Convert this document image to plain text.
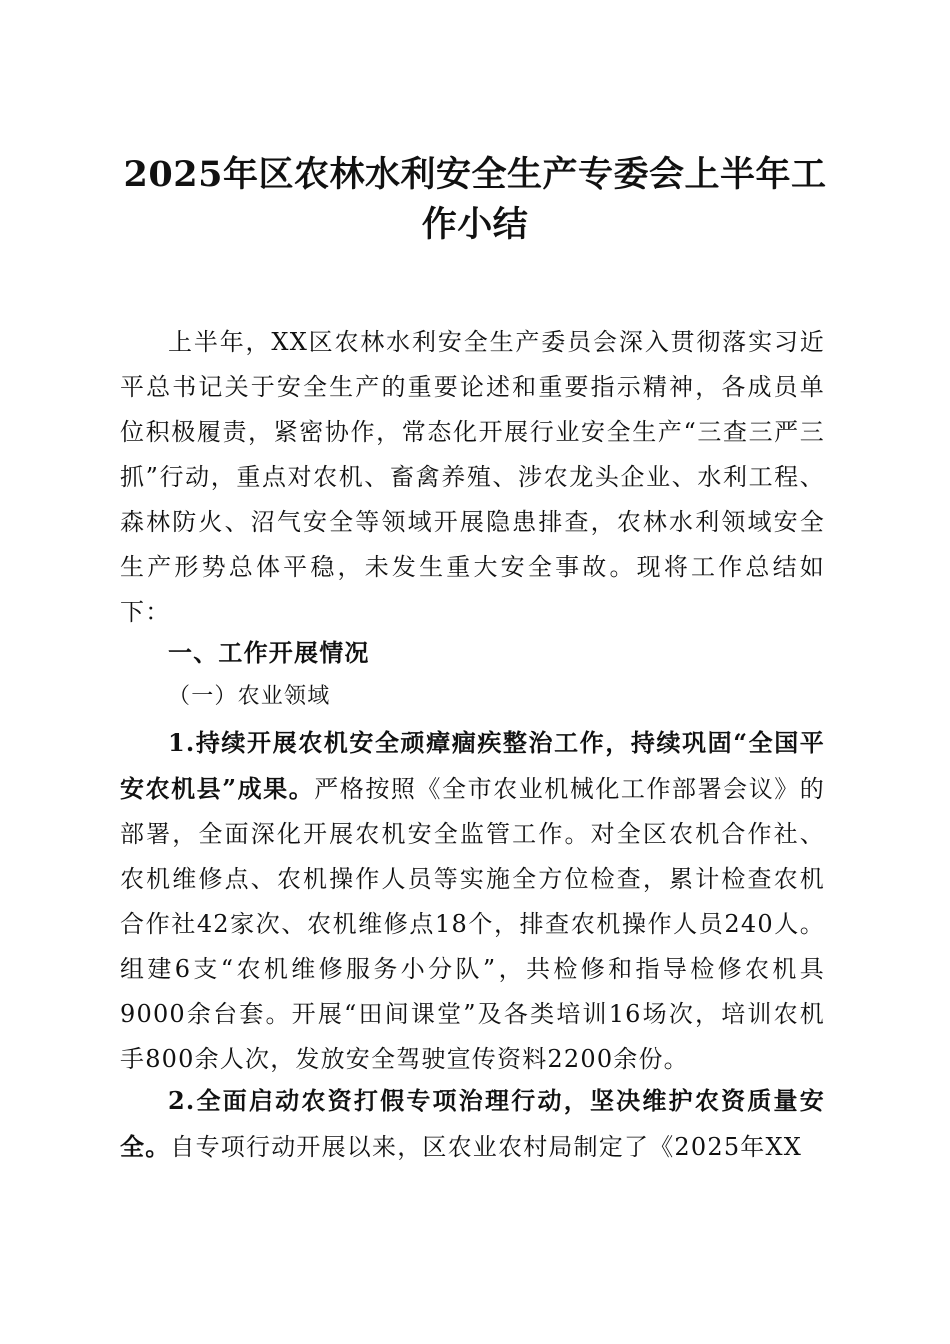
2025年区农林水利安全生产专委会上半年工作小结

上半年，XX区农林水利安全生产委员会深入贯彻落实习近平总书记关于安全生产的重要论述和重要指示精神，各成员单位积极履责，紧密协作，常态化开展行业安全生产“三查三严三抓”行动，重点对农机、畜禽养殖、涉农龙头企业、水利工程、森林防火、沼气安全等领域开展隐患排查，农林水利领域安全生产形势总体平稳，未发生重大安全事故。现将工作总结如下：

一、工作开展情况

（一）农业领域

1.持续开展农机安全顽瘴痼疾整治工作，持续巩固“全国平安农机县”成果。严格按照《全市农业机械化工作部署会议》的部署，全面深化开展农机安全监管工作。对全区农机合作社、农机维修点、农机操作人员等实施全方位检查，累计检查农机合作社42家次、农机维修点18个，排查农机操作人员240人。组建6支“农机维修服务小分队”，共检修和指导检修农机具9000余台套。开展“田间课堂”及各类培训16场次，培训农机手800余人次，发放安全驾驶宣传资料2200余份。

2.全面启动农资打假专项治理行动，坚决维护农资质量安全。自专项行动开展以来，区农业农村局制定了《2025年XX
